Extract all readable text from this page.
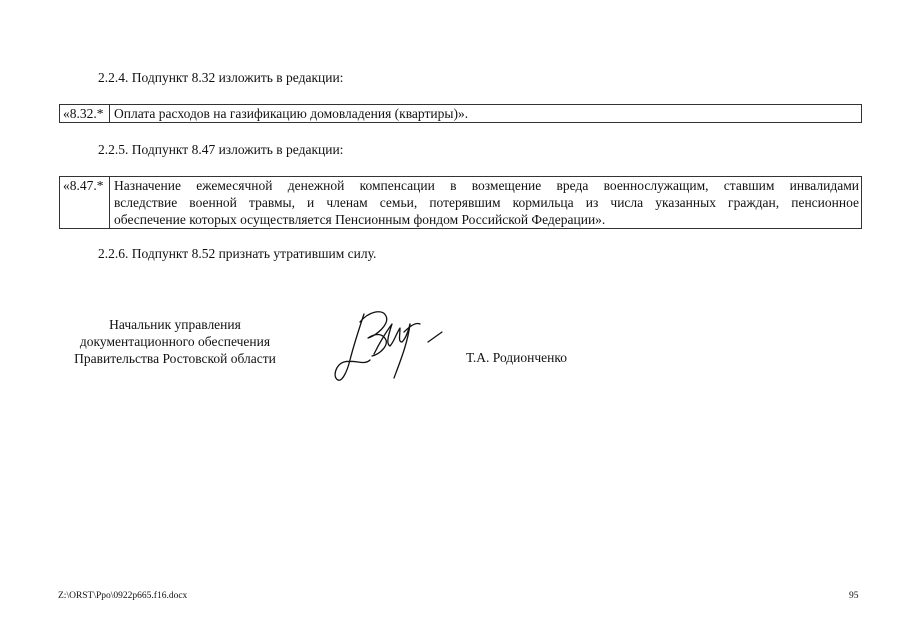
2.2.4. Подпункт 8.32 изложить в редакции:
«8.32.* Оплата расходов на газификацию домовладения (квартиры)».
2.2.5. Подпункт 8.47 изложить в редакции:
«8.47.* Назначение ежемесячной денежной компенсации в возмещение вреда военнослужащим, ставшим инвалидами
вследствие военной травмы, и членам семьи, потерявшим кормильца из числа указанных граждан, пенсионное
обеспечение которых осуществляется Пенсионным фондом Российской Федерации».
2.2.6. Подпункт 8.52 признать утратившим силу.
Начальник управления
документационного обеспечения
Правительства Ростовской области	Т.А. Родионченко
Z:\ORST\Ppo\0922p665.f16.docx	95
